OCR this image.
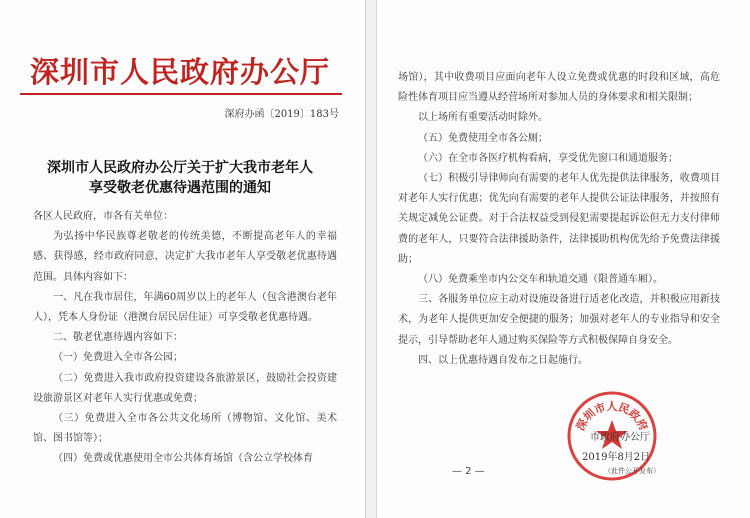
深圳市人民政府办公厅
深府办函〔2019〕183号
深圳市人民政府办公厅关于扩大我市老年人
享受敬老优惠待遇范围的通知

各区人民政府，市各有关单位：

为弘扬中华民族尊老敬老的传统美德，不断提高老年人的幸福感、获得感，经市政府同意，决定扩大我市老年人享受敬老优惠待遇范围。具体内容如下：

一、凡在我市居住，年满60周岁以上的老年人（包含港澳台老年人），凭本人身份证（港澳台居民居住证）可享受敬老优惠待遇。

二、敬老优惠待遇内容如下：

（一）免费进入全市各公园；

（二）免费进入我市政府投资建设各旅游景区，鼓励社会投资建设旅游景区对老年人实行优惠或免费；

（三）免费进入全市各公共文化场所（博物馆、文化馆、美术馆、图书馆等）；

（四）免费或优惠使用全市公共体育场馆（含公立学校体育

场馆），其中收费项目应面向老年人设立免费或优惠的时段和区域，高危险性体育项目应当遵从经营场所对参加人员的身体要求和相关限制；

以上场所有重要活动时除外。

（五）免费使用全市各公厕；

（六）在全市各医疗机构看病，享受优先窗口和通道服务；

（七）积极引导律师向有需要的老年人优先提供法律服务，收费项目对老年人实行优惠；优先向有需要的老年人提供公证法律服务，并按照有关规定减免公证费。对于合法权益受到侵犯需要提起诉讼但无力支付律师费的老年人，只要符合法律援助条件，法律援助机构优先给予免费法律援助；

（八）免费乘坐市内公交车和轨道交通（限普通车厢）。

三、各服务单位应主动对设施设备进行适老化改造，并积极应用新技术，为老年人提供更加安全便捷的服务；加强对老年人的专业指导和安全提示，引导帮助老年人通过购买保险等方式积极保障自身安全。

四、以上优惠待遇自发布之日起施行。

深圳市人民政府
市政府办公厅
2019年8月2日
（此件公开发布）
— 2 —
